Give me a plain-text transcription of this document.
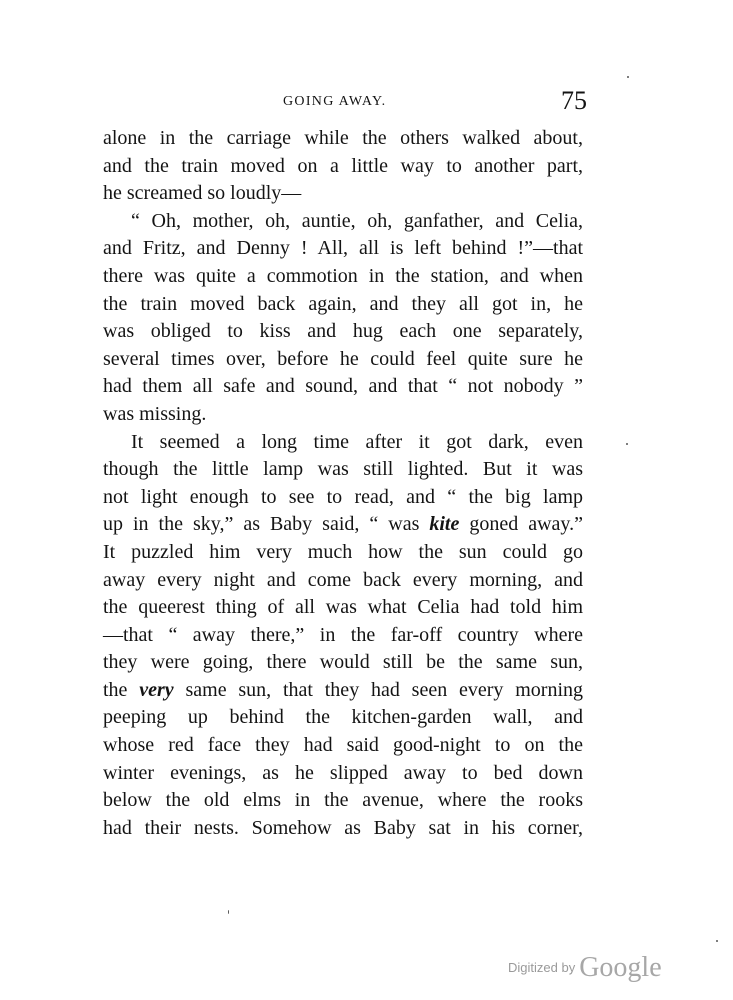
GOING AWAY.	75
alone in the carriage while the others walked about,
and the train moved on a little way to another part,
he screamed so loudly—
“ Oh, mother, oh, auntie, oh, ganfather, and Celia,
and Fritz, and Denny ! All, all is left behind !”—that
there was quite a commotion in the station, and when
the train moved back again, and they all got in, he
was obliged to kiss and hug each one separately,
several times over, before he could feel quite sure he
had them all safe and sound, and that “ not nobody ”
was missing.
It seemed a long time after it got dark, even
though the little lamp was still lighted. But it was
not light enough to see to read, and “ the big lamp
up in the sky,” as Baby said, “ was kite goned away.”
It puzzled him very much how the sun could go
away every night and come back every morning, and
the queerest thing of all was what Celia had told him
—that “ away there,” in the far-off country where
they were going, there would still be the same sun,
the very same sun, that they had seen every morning
peeping up behind the kitchen-garden wall, and
whose red face they had said good-night to on the
winter evenings, as he slipped away to bed down
below the old elms in the avenue, where the rooks
had their nests. Somehow as Baby sat in his corner,
$^{Digitized by}$ Google
